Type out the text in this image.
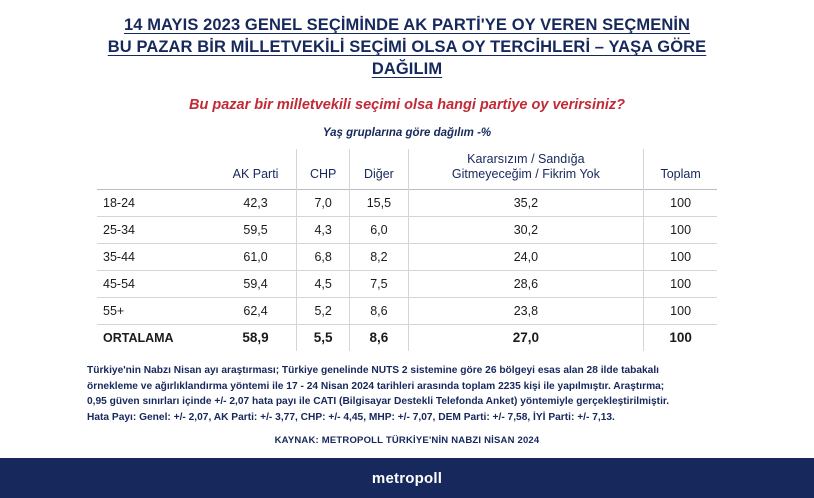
14 MAYIS 2023 GENEL SEÇİMİNDE AK PARTİ'YE OY VEREN SEÇMENİN
BU PAZAR BİR MİLLETVEKİLİ SEÇİMİ OLSA OY TERCİHLERİ – YAŞA GÖRE
DAĞILIM
Bu pazar bir milletvekili seçimi olsa hangi partiye oy verirsiniz?
Yaş gruplarına göre dağılım -%
	AK Parti	CHP	Diğer	Kararsızım / Sandığa
Gitmeyeceğim / Fikrim Yok	Toplam
18-24	42,3	7,0	15,5	35,2	100
25-34	59,5	4,3	6,0	30,2	100
35-44	61,0	6,8	8,2	24,0	100
45-54	59,4	4,5	7,5	28,6	100
55+	62,4	5,2	8,6	23,8	100
ORTALAMA	58,9	5,5	8,6	27,0	100

Türkiye'nin Nabzı Nisan ayı araştırması; Türkiye genelinde NUTS 2 sistemine göre 26 bölgeyi esas alan 28 ilde tabakalı

örnekleme ve ağırlıklandırma yöntemi ile 17 - 24 Nisan 2024 tarihleri arasında toplam 2235 kişi ile yapılmıştır. Araştırma;

0,95 güven sınırları içinde +/- 2,07 hata payı ile CATI (Bilgisayar Destekli Telefonda Anket) yöntemiyle gerçekleştirilmiştir.

Hata Payı: Genel: +/- 2,07, AK Parti: +/- 3,77, CHP: +/- 4,45, MHP: +/- 7,07, DEM Parti: +/- 7,58, İYİ Parti: +/- 7,13.

KAYNAK: METROPOLL TÜRKİYE'NİN NABZI NİSAN 2024
metropoll
